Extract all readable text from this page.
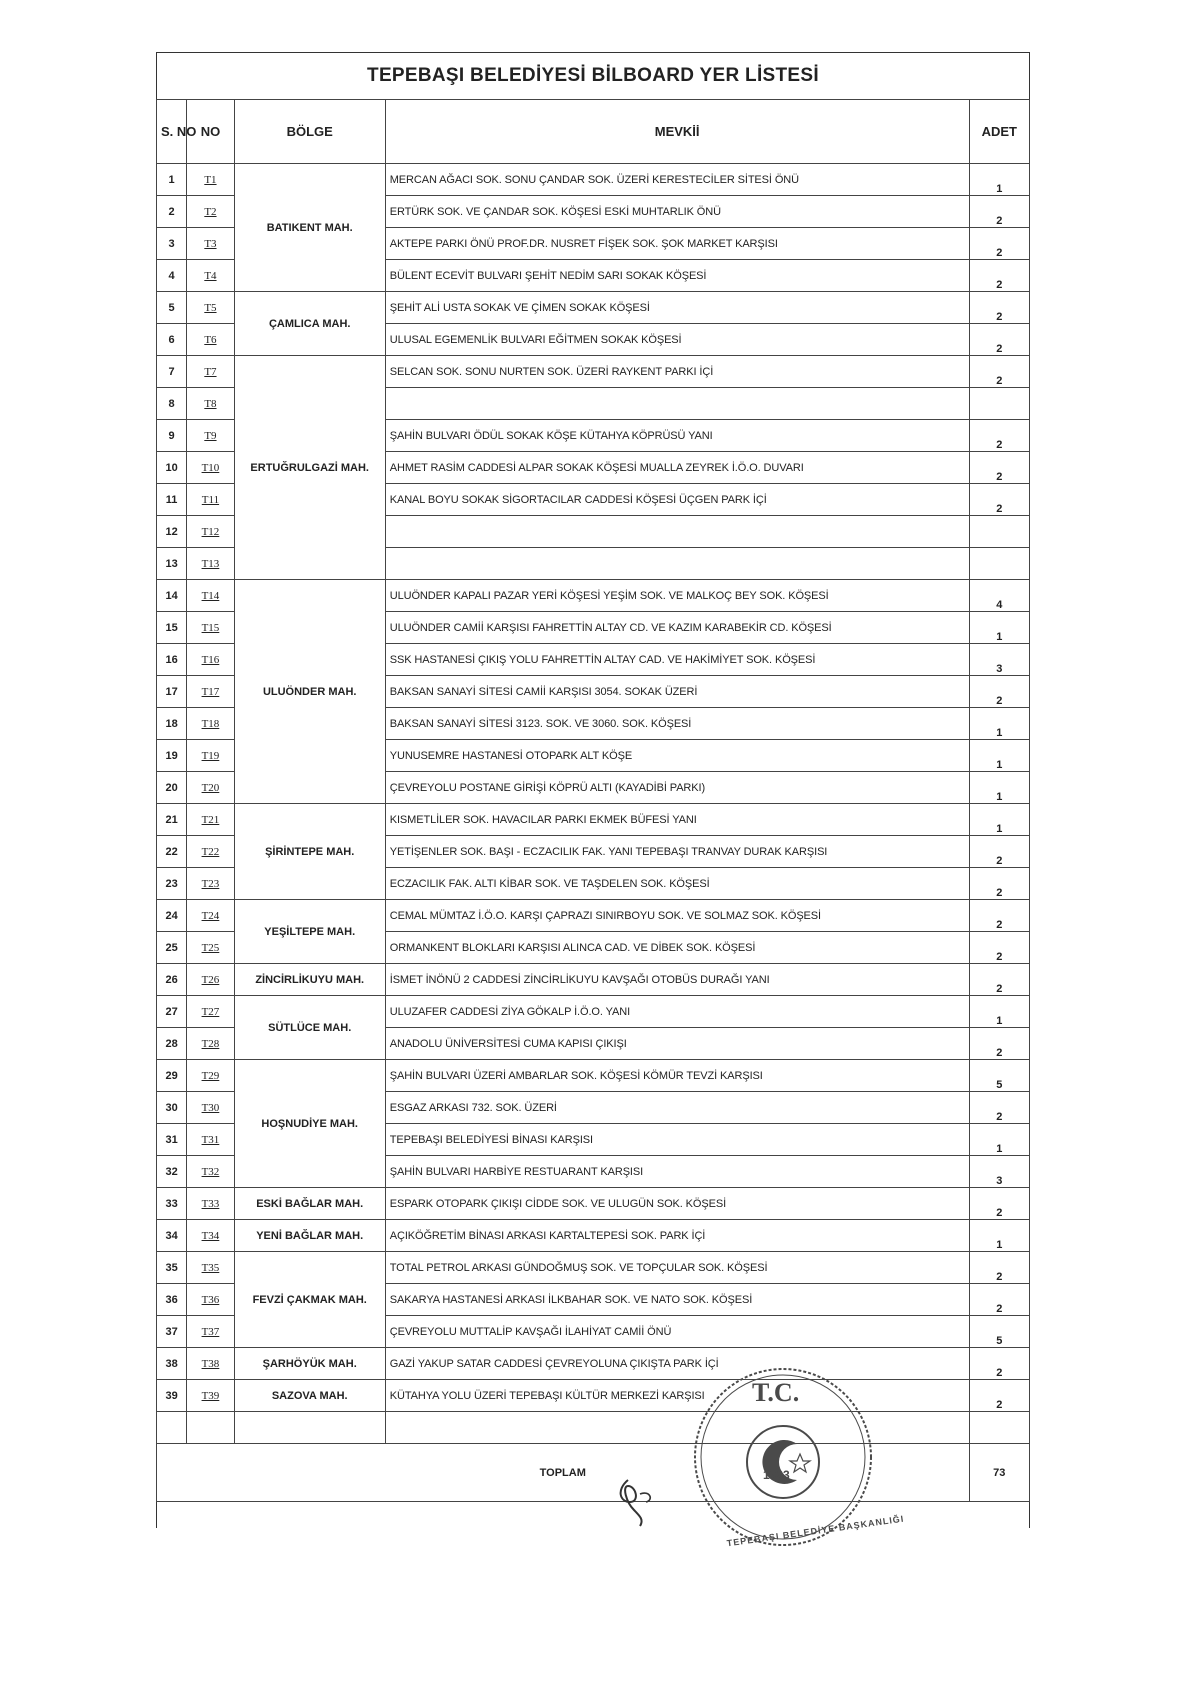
TEPEBAŞI BELEDİYESİ BİLBOARD YER LİSTESİ
S. NO	NO	BÖLGE	MEVKİİ	ADET
1	T1	BATIKENT MAH.	MERCAN AĞACI SOK. SONU ÇANDAR SOK. ÜZERİ KERESTECİLER SİTESİ ÖNÜ	1
2	T2		ERTÜRK SOK. VE ÇANDAR SOK. KÖŞESİ ESKİ MUHTARLIK ÖNÜ	2
3	T3		AKTEPE PARKI ÖNÜ PROF.DR. NUSRET FİŞEK SOK. ŞOK MARKET KARŞISI	2
4	T4		BÜLENT ECEVİT BULVARI ŞEHİT NEDİM SARI SOKAK KÖŞESİ	2
5	T5	ÇAMLICA MAH.	ŞEHİT ALİ USTA SOKAK VE ÇİMEN SOKAK KÖŞESİ	2
6	T6		ULUSAL EGEMENLİK BULVARI EĞİTMEN SOKAK KÖŞESİ	2
7	T7	ERTUĞRULGAZİ MAH.	SELCAN SOK. SONU NURTEN SOK. ÜZERİ RAYKENT PARKI İÇİ	2
8	T8			
9	T9		ŞAHİN BULVARI ÖDÜL SOKAK KÖŞE KÜTAHYA KÖPRÜSÜ YANI	2
10	T10		AHMET RASİM CADDESİ ALPAR SOKAK KÖŞESİ MUALLA ZEYREK İ.Ö.O. DUVARI	2
11	T11		KANAL BOYU SOKAK SİGORTACILAR CADDESİ KÖŞESİ ÜÇGEN PARK İÇİ	2
12	T12			
13	T13			
14	T14	ULUÖNDER MAH.	ULUÖNDER KAPALI PAZAR YERİ KÖŞESİ YEŞİM SOK. VE MALKOÇ BEY SOK. KÖŞESİ	4
15	T15		ULUÖNDER CAMİİ KARŞISI FAHRETTİN ALTAY CD. VE KAZIM KARABEKİR CD. KÖŞESİ	1
16	T16		SSK HASTANESİ ÇIKIŞ YOLU FAHRETTİN ALTAY CAD. VE HAKİMİYET SOK. KÖŞESİ	3
17	T17		BAKSAN SANAYİ SİTESİ CAMİİ KARŞISI 3054. SOKAK ÜZERİ	2
18	T18		BAKSAN SANAYİ SİTESİ 3123. SOK. VE 3060. SOK. KÖŞESİ	1
19	T19		YUNUSEMRE HASTANESİ OTOPARK ALT KÖŞE	1
20	T20		ÇEVREYOLU POSTANE GİRİŞİ KÖPRÜ ALTI (KAYADİBİ PARKI)	1
21	T21	ŞİRİNTEPE MAH.	KISMETLİLER SOK. HAVACILAR PARKI EKMEK BÜFESİ YANI	1
22	T22		YETİŞENLER SOK. BAŞI - ECZACILIK FAK. YANI TEPEBAŞI TRANVAY DURAK KARŞISI	2
23	T23		ECZACILIK FAK. ALTI KİBAR SOK. VE TAŞDELEN SOK. KÖŞESİ	2
24	T24	YEŞİLTEPE MAH.	CEMAL MÜMTAZ İ.Ö.O. KARŞI ÇAPRAZI SINIRBOYU SOK. VE SOLMAZ SOK. KÖŞESİ	2
25	T25		ORMANKENT BLOKLARI KARŞISI ALINCA CAD. VE DİBEK SOK. KÖŞESİ	2
26	T26	ZİNCİRLİKUYU MAH.	İSMET İNÖNÜ 2 CADDESİ ZİNCİRLİKUYU KAVŞAĞI OTOBÜS DURAĞI YANI	2
27	T27	SÜTLÜCE MAH.	ULUZAFER CADDESİ ZİYA GÖKALP İ.Ö.O. YANI	1
28	T28		ANADOLU ÜNİVERSİTESİ CUMA KAPISI ÇIKIŞI	2
29	T29	HOŞNUDİYE MAH.	ŞAHİN BULVARI ÜZERİ AMBARLAR SOK. KÖŞESİ KÖMÜR TEVZİ KARŞISI	5
30	T30		ESGAZ ARKASI 732. SOK. ÜZERİ	2
31	T31		TEPEBAŞI BELEDİYESİ BİNASI KARŞISI	1
32	T32		ŞAHİN BULVARI HARBİYE RESTUARANT KARŞISI	3
33	T33	ESKİ BAĞLAR MAH.	ESPARK OTOPARK ÇIKIŞI CİDDE SOK. VE ULUGÜN SOK. KÖŞESİ	2
34	T34	YENİ BAĞLAR MAH.	AÇIKÖĞRETİM BİNASI ARKASI KARTALTEPESİ SOK. PARK İÇİ	1
35	T35	FEVZİ ÇAKMAK MAH.	TOTAL PETROL ARKASI GÜNDOĞMUŞ SOK. VE TOPÇULAR SOK. KÖŞESİ	2
36	T36		SAKARYA HASTANESİ ARKASI İLKBAHAR SOK. VE NATO SOK. KÖŞESİ	2
37	T37		ÇEVREYOLU MUTTALİP KAVŞAĞI İLAHİYAT CAMİİ ÖNÜ	5
38	T38	ŞARHÖYÜK MAH.	GAZİ YAKUP SATAR CADDESİ ÇEVREYOLUNA ÇIKIŞTA PARK İÇİ	2
39	T39	SAZOVA MAH.	KÜTAHYA YOLU ÜZERİ TEPEBAŞI KÜLTÜR MERKEZİ KARŞISI	2

TOPLAM				73
T.C.
1923
TEPEBAŞI BELEDİYE BAŞKANLIĞI
